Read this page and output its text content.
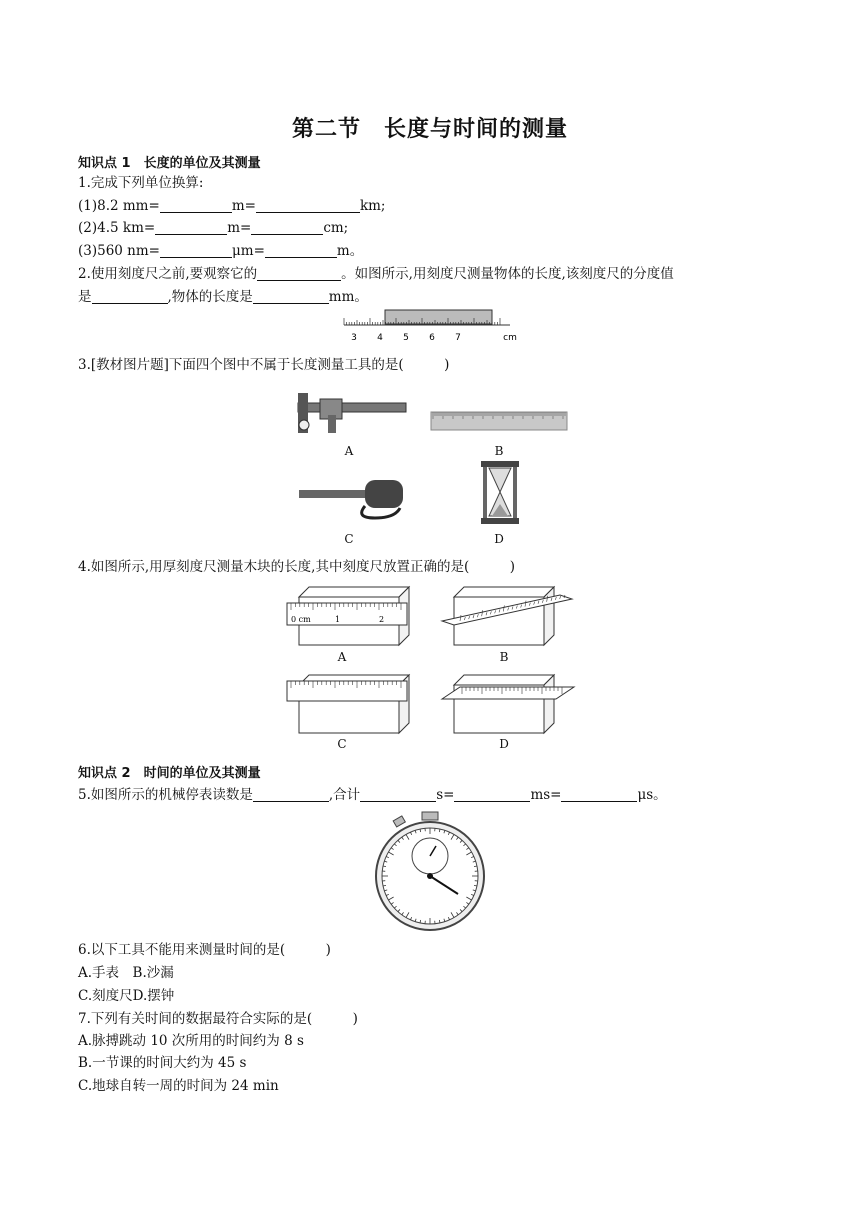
第二节　长度与时间的测量
知识点 1　长度的单位及其测量
1.完成下列单位换算:
(1)8.2 mm=	m=	km;
(2)4.5 km=	m=	cm;
(3)560 nm=	μm=	m。
2.使用刻度尺之前,要观察它的	。如图所示,用刻度尺测量物体的长度,该刻度尺的分度值
是	,物体的长度是	mm。
3 4 5 6 7	cm
3.[教材图片题]下面四个图中不属于长度测量工具的是(　　　)
A	B
C	D
4.如图所示,用厚刻度尺测量木块的长度,其中刻度尺放置正确的是(　　　)
0 cm	1	2
A	B
C	D
知识点 2　时间的单位及其测量
5.如图所示的机械停表读数是	,合计	s=	ms=	μs。
6.以下工具不能用来测量时间的是(　　　)
A.手表　B.沙漏
C.刻度尺D.摆钟
7.下列有关时间的数据最符合实际的是(　　　)
A.脉搏跳动 10 次所用的时间约为 8 s
B.一节课的时间大约为 45 s
C.地球自转一周的时间为 24 min
